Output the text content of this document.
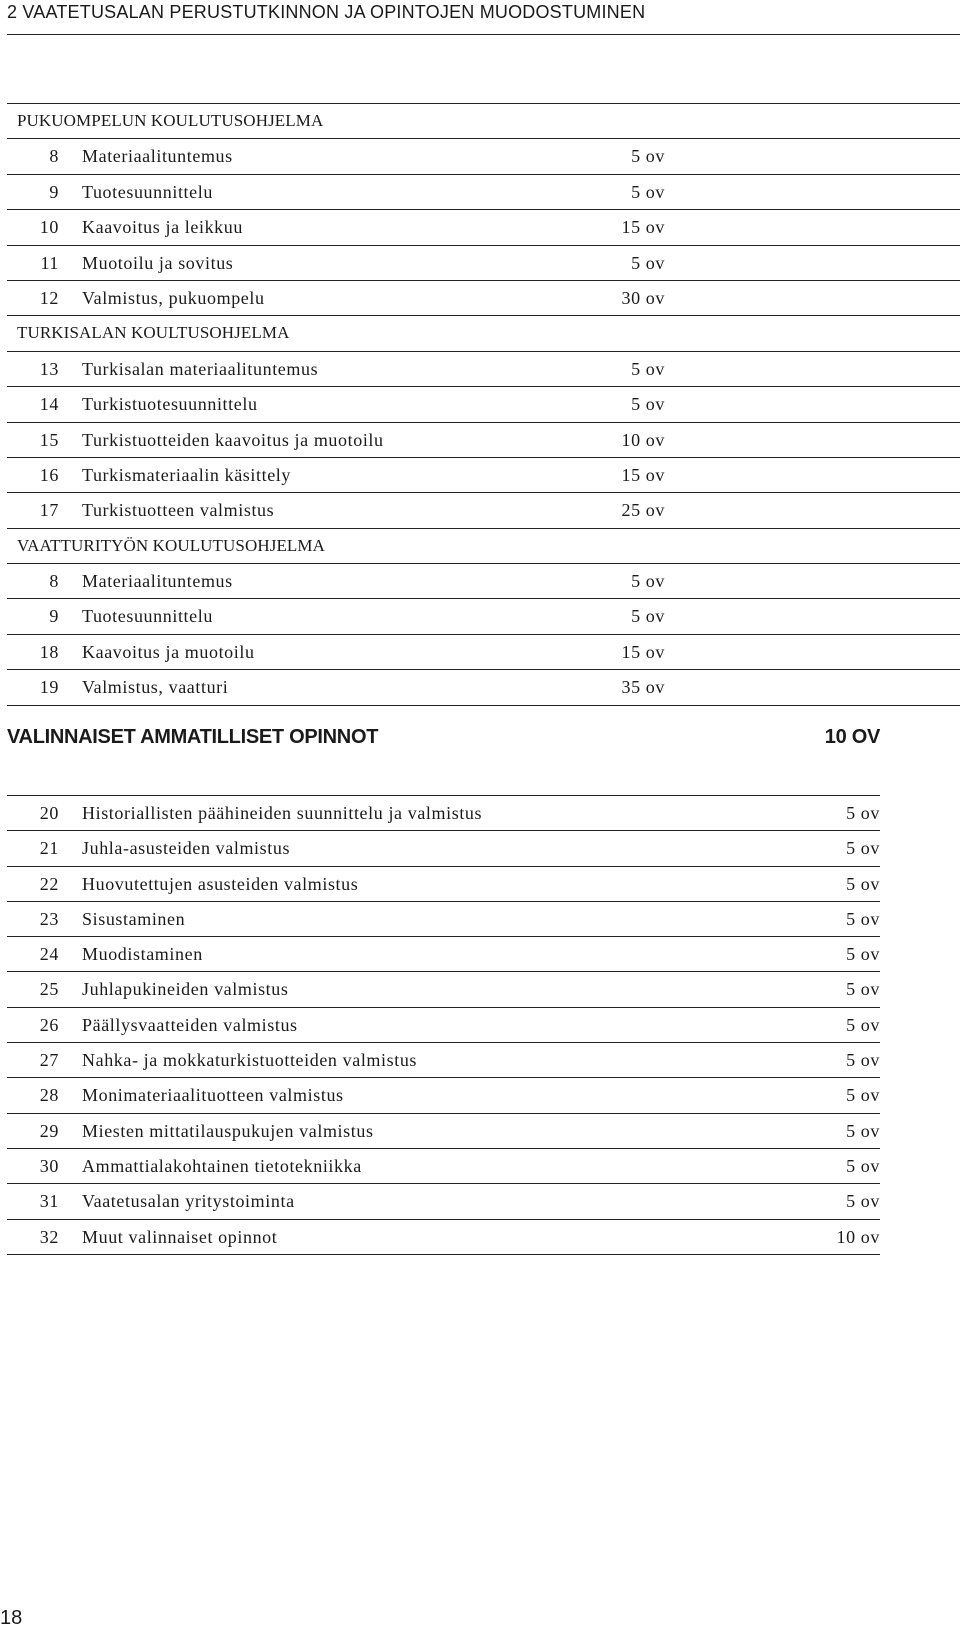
2 VAATETUSALAN PERUSTUTKINNON JA OPINTOJEN MUODOSTUMINEN
PUKUOMPELUN KOULUTUSOHJELMA
8 Materiaalituntemus	5 ov
9 Tuotesuunnittelu	5 ov
10 Kaavoitus ja leikkuu	15 ov
11 Muotoilu ja sovitus	5 ov
12 Valmistus, pukuompelu	30 ov
TURKISALAN KOULTUSOHJELMA
13 Turkisalan materiaalituntemus	5 ov
14 Turkistuotesuunnittelu	5 ov
15 Turkistuotteiden kaavoitus ja muotoilu	10 ov
16 Turkismateriaalin käsittely	15 ov
17 Turkistuotteen valmistus	25 ov
VAATTURITYÖN KOULUTUSOHJELMA
8 Materiaalituntemus	5 ov
9 Tuotesuunnittelu	5 ov
18 Kaavoitus ja muotoilu	15 ov
19 Valmistus, vaatturi	35 ov
VALINNAISET AMMATILLISET OPINNOT	10 OV
20 Historiallisten päähineiden suunnittelu ja valmistus	5 ov
21 Juhla-asusteiden valmistus	5 ov
22 Huovutettujen asusteiden valmistus	5 ov
23 Sisustaminen	5 ov
24 Muodistaminen	5 ov
25 Juhlapukineiden valmistus	5 ov
26 Päällysvaatteiden valmistus	5 ov
27 Nahka- ja mokkaturkistuotteiden valmistus	5 ov
28 Monimateriaalituotteen valmistus	5 ov
29 Miesten mittatilauspukujen valmistus	5 ov
30 Ammattialakohtainen tietotekniikka	5 ov
31 Vaatetusalan yritystoiminta	5 ov
32 Muut valinnaiset opinnot	10 ov
18
